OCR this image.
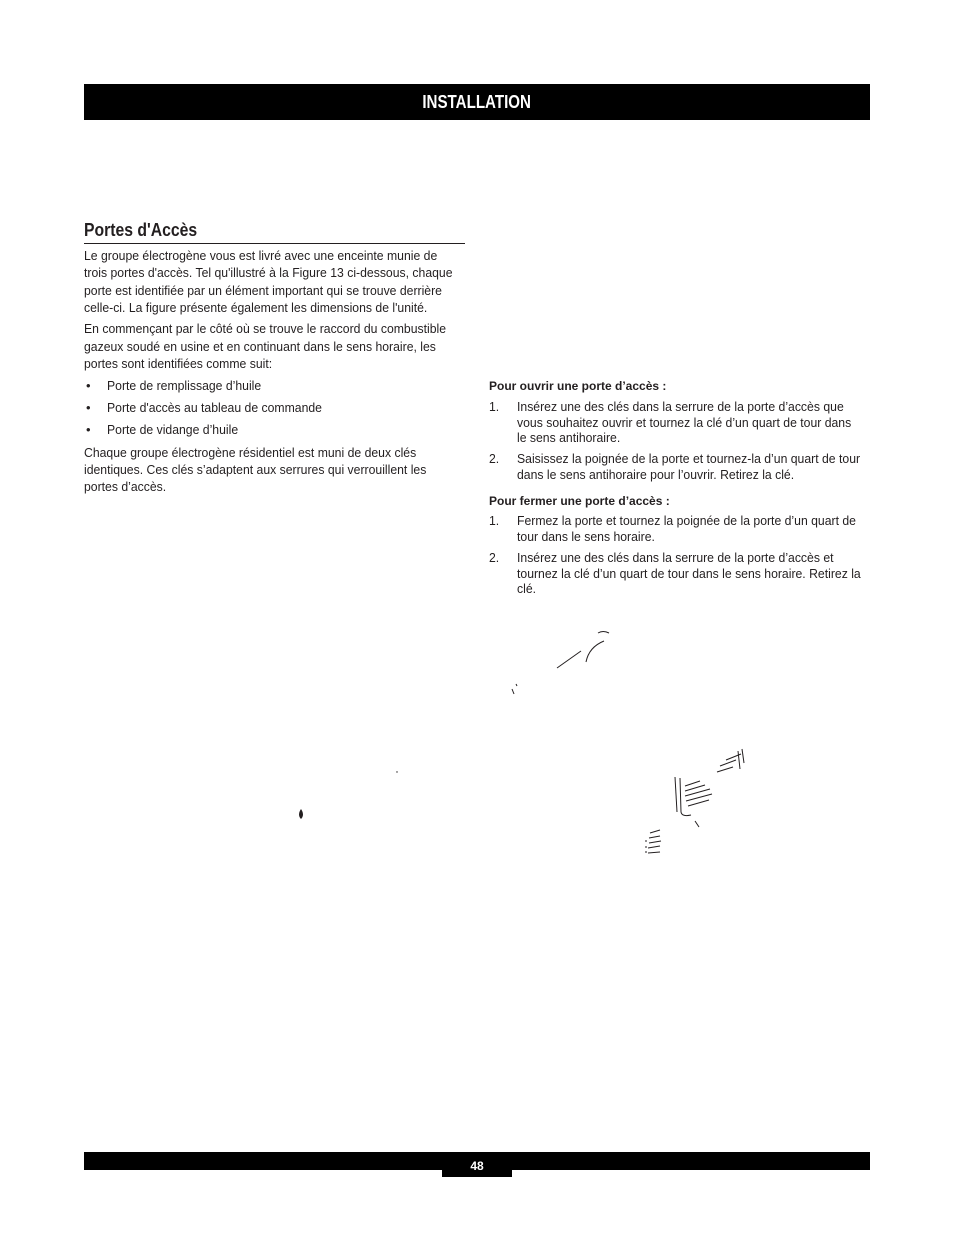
INSTALLATION
Portes d'Accès
Le groupe électrogène vous est livré avec une enceinte munie de
trois portes d'accès. Tel qu'illustré à la Figure 13 ci-dessous, chaque
porte est identifiée par un élément important qui se trouve derrière
celle-ci. La figure présente également les dimensions de l'unité.
En commençant par le côté où se trouve le raccord du combustible
gazeux soudé en usine et en continuant dans le sens horaire, les
portes sont identifiées comme suit:
• Porte de remplissage d’huile
• Porte d'accès au tableau de commande
• Porte de vidange d’huile
Chaque groupe électrogène résidentiel est muni de deux clés
identiques. Ces clés s’adaptent aux serrures qui verrouillent les
portes d’accès.
Pour ouvrir une porte d’accès :
1. Insérez une des clés dans la serrure de la porte d’accès que
vous souhaitez ouvrir et tournez la clé d’un quart de tour dans
le sens antihoraire.
2. Saisissez la poignée de la porte et tournez-la d’un quart de tour
dans le sens antihoraire pour l’ouvrir. Retirez la clé.
Pour fermer une porte d’accès :
1. Fermez la porte et tournez la poignée de la porte d’un quart de
tour dans le sens horaire.
2. Insérez une des clés dans la serrure de la porte d’accès et
tournez la clé d’un quart de tour dans le sens horaire. Retirez la
clé.
48
